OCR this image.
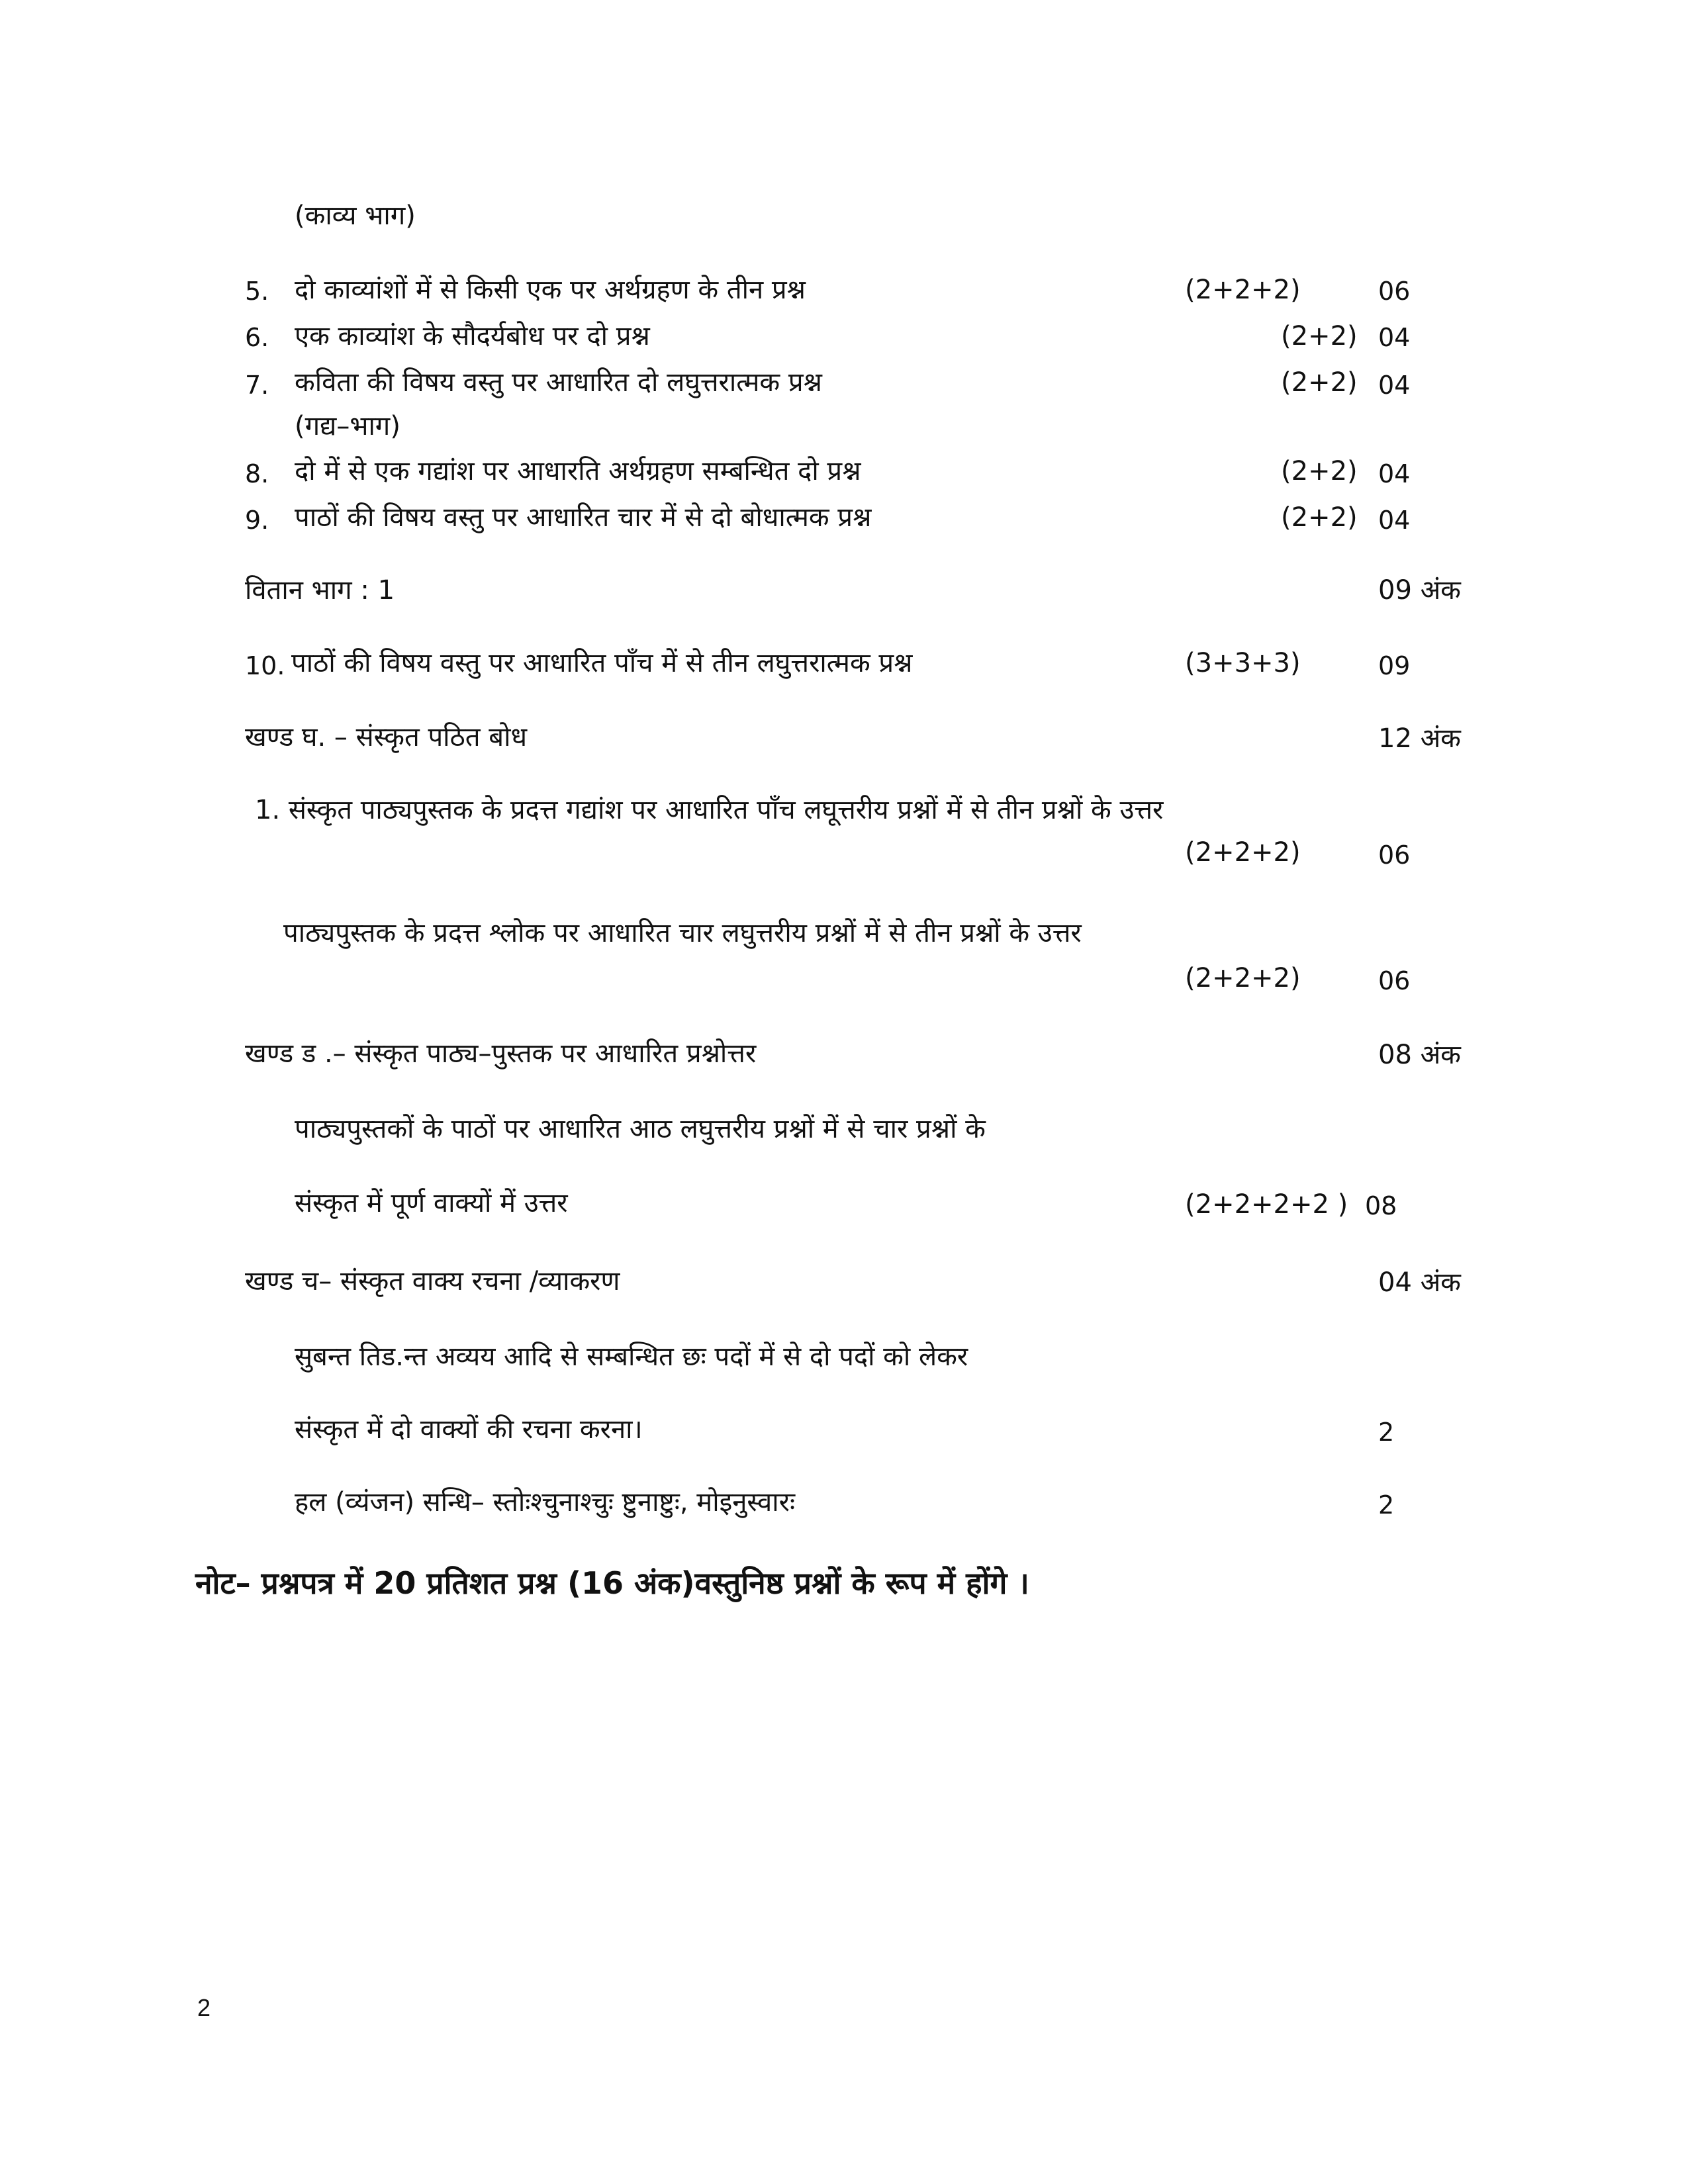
(काव्य भाग)
5. दो काव्यांशों में से किसी एक पर अर्थग्रहण के तीन प्रश्न	(2+2+2)	06
6. एक काव्यांश के सौदर्यबोध पर दो प्रश्न	(2+2) 04
7. कविता की विषय वस्तु पर आधारित दो लघुत्तरात्मक प्रश्न	(2+2) 04
(गद्य–भाग)
8. दो में से एक गद्यांश पर आधारति अर्थग्रहण सम्बन्धित दो प्रश्न	(2+2) 04
9. पाठों की विषय वस्तु पर आधारित चार में से दो बोधात्मक प्रश्न	(2+2) 04
वितान भाग : 1	09 अंक
10. पाठों की विषय वस्तु पर आधारित पाँच में से तीन लघुत्तरात्मक प्रश्न	(3+3+3)	09
खण्ड घ. – संस्कृत पठित बोध	12 अंक
1. संस्कृत पाठ्यपुस्तक के प्रदत्त गद्यांश पर आधारित पाँच लघूत्तरीय प्रश्नों में से तीन प्रश्नों के उत्तर
(2+2+2)	06
पाठ्यपुस्तक के प्रदत्त श्लोक पर आधारित चार लघुत्तरीय प्रश्नों में से तीन प्रश्नों के उत्तर
(2+2+2)	06
खण्ड ड .– संस्कृत पाठ्य–पुस्तक पर आधारित प्रश्नोत्तर	08 अंक
पाठ्यपुस्तकों के पाठों पर आधारित आठ लघुत्तरीय प्रश्नों में से चार प्रश्नों के
संस्कृत में पूर्ण वाक्यों में उत्तर	(2+2+2+2 ) 08
खण्ड च– संस्कृत वाक्य रचना /व्याकरण	04 अंक
सुबन्त तिड.न्त अव्यय आदि से सम्बन्धित छः पदों में से दो पदों को लेकर
संस्कृत में दो वाक्यों की रचना करना।	2
हल (व्यंजन) सन्धि– स्तोःश्चुनाश्चुः ष्टुनाष्टुः, मोइनुस्वारः	2
नोट– प्रश्नपत्र में 20 प्रतिशत प्रश्न (16 अंक)वस्तुनिष्ठ प्रश्नों के रूप में होंगे ।
2
